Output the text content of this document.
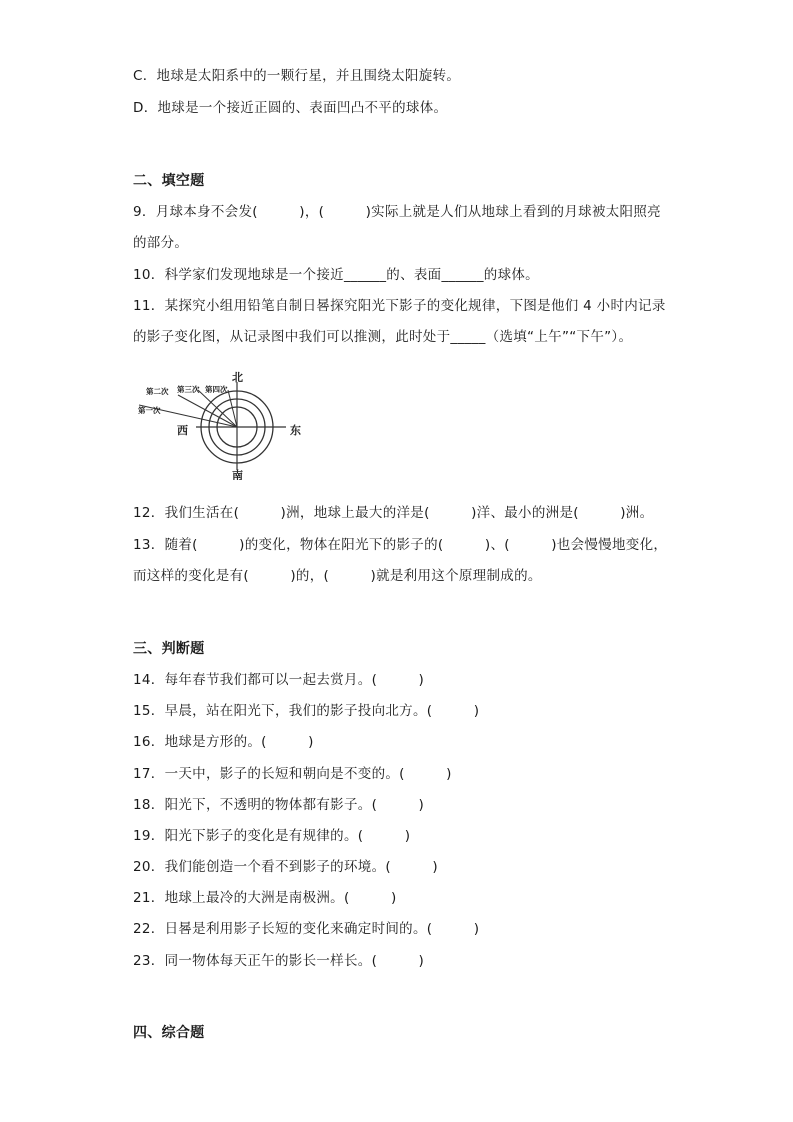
C．地球是太阳系中的一颗行星，并且围绕太阳旋转。
D．地球是一个接近正圆的、表面凹凸不平的球体。
二、填空题
9．月球本身不会发(　　　)，(　　　)实际上就是人们从地球上看到的月球被太阳照亮
的部分。
10．科学家们发现地球是一个接近______的、表面______的球体。
11．某探究小组用铅笔自制日晷探究阳光下影子的变化规律，下图是他们 4 小时内记录
的影子变化图，从记录图中我们可以推测，此时处于_____（选填“上午”“下午”）。
北
南
西	东
第一次
第二次 第三次 第四次
12．我们生活在(　　　)洲，地球上最大的洋是(　　　)洋、最小的洲是(　　　)洲。
13．随着(　　　)的变化，物体在阳光下的影子的(　　　)、(　　　)也会慢慢地变化，
而这样的变化是有(　　　)的，(　　　)就是利用这个原理制成的。
三、判断题
14．每年春节我们都可以一起去赏月。(　　　)
15．早晨，站在阳光下，我们的影子投向北方。(　　　)
16．地球是方形的。(　　　)
17．一天中，影子的长短和朝向是不变的。(　　　)
18．阳光下，不透明的物体都有影子。(　　　)
19．阳光下影子的变化是有规律的。(　　　)
20．我们能创造一个看不到影子的环境。(　　　)
21．地球上最冷的大洲是南极洲。(　　　)
22．日晷是利用影子长短的变化来确定时间的。(　　　)
23．同一物体每天正午的影长一样长。(　　　)
四、综合题
